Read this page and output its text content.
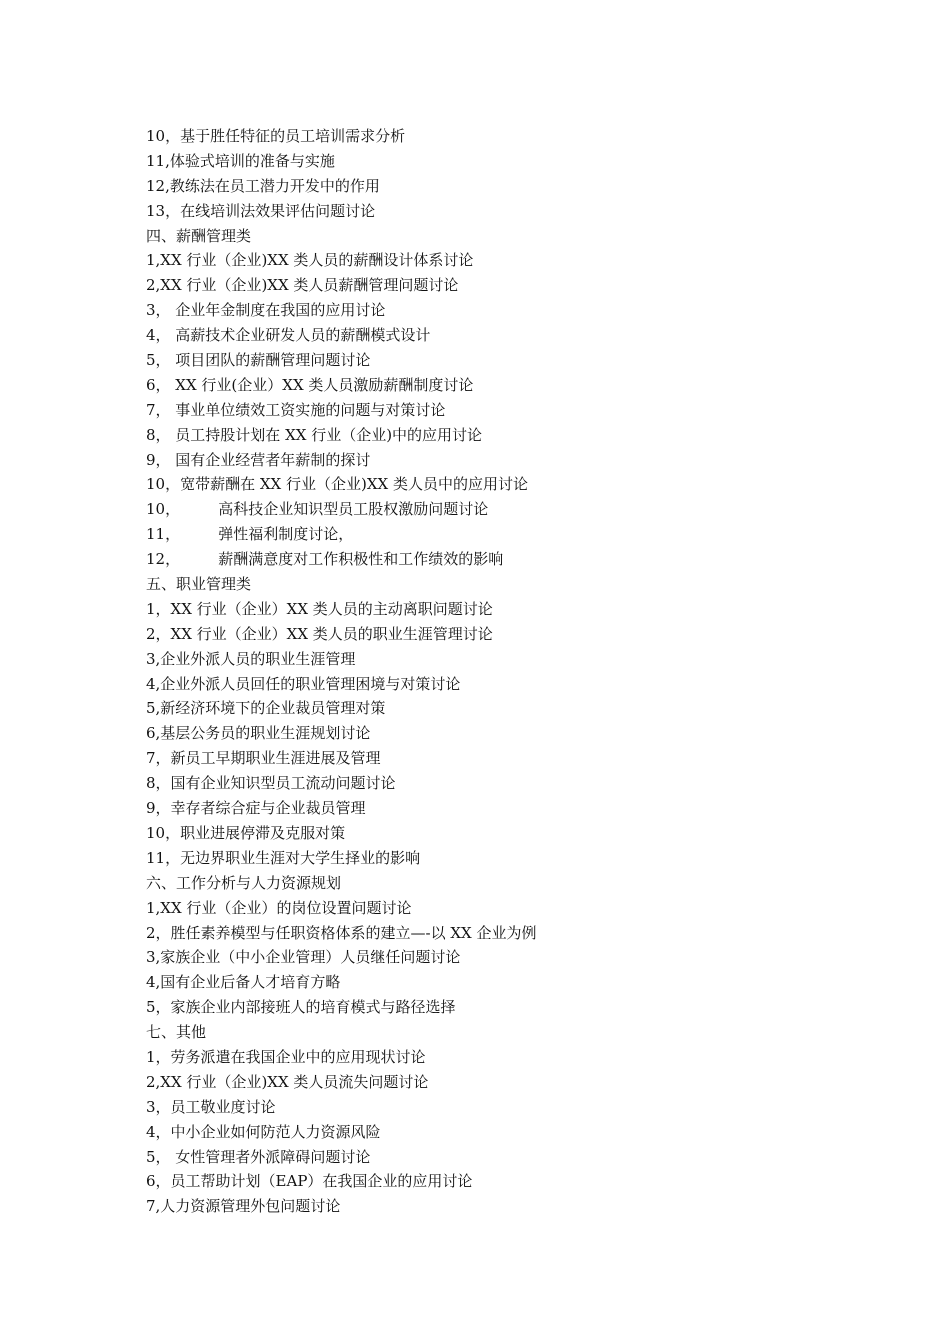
10，基于胜任特征的员工培训需求分析
11,体验式培训的准备与实施
12,教练法在员工潜力开发中的作用
13，在线培训法效果评估问题讨论
四、薪酬管理类
1,XX 行业（企业)XX 类人员的薪酬设计体系讨论
2,XX 行业（企业)XX 类人员薪酬管理问题讨论
3， 企业年金制度在我国的应用讨论
4， 高薪技术企业研发人员的薪酬模式设计
5， 项目团队的薪酬管理问题讨论
6， XX 行业(企业）XX 类人员激励薪酬制度讨论
7， 事业单位绩效工资实施的问题与对策讨论
8， 员工持股计划在 XX 行业（企业)中的应用讨论
9， 国有企业经营者年薪制的探讨
10，宽带薪酬在 XX 行业（企业)XX 类人员中的应用讨论
10，        高科技企业知识型员工股权激励问题讨论
11，        弹性福利制度讨论，
12，        薪酬满意度对工作积极性和工作绩效的影响
五、职业管理类
1，XX 行业（企业）XX 类人员的主动离职问题讨论
2，XX 行业（企业）XX 类人员的职业生涯管理讨论
3,企业外派人员的职业生涯管理
4,企业外派人员回任的职业管理困境与对策讨论
5,新经济环境下的企业裁员管理对策
6,基层公务员的职业生涯规划讨论
7，新员工早期职业生涯进展及管理
8，国有企业知识型员工流动问题讨论
9，幸存者综合症与企业裁员管理
10，职业进展停滞及克服对策
11，无边界职业生涯对大学生择业的影响
六、工作分析与人力资源规划
1,XX 行业（企业）的岗位设置问题讨论
2，胜任素养模型与任职资格体系的建立—-以 XX 企业为例
3,家族企业（中小企业管理）人员继任问题讨论
4,国有企业后备人才培育方略
5，家族企业内部接班人的培育模式与路径选择
七、其他
1，劳务派遣在我国企业中的应用现状讨论
2,XX 行业（企业)XX 类人员流失问题讨论
3，员工敬业度讨论
4，中小企业如何防范人力资源风险
5， 女性管理者外派障碍问题讨论
6，员工帮助计划（EAP）在我国企业的应用讨论
7,人力资源管理外包问题讨论
